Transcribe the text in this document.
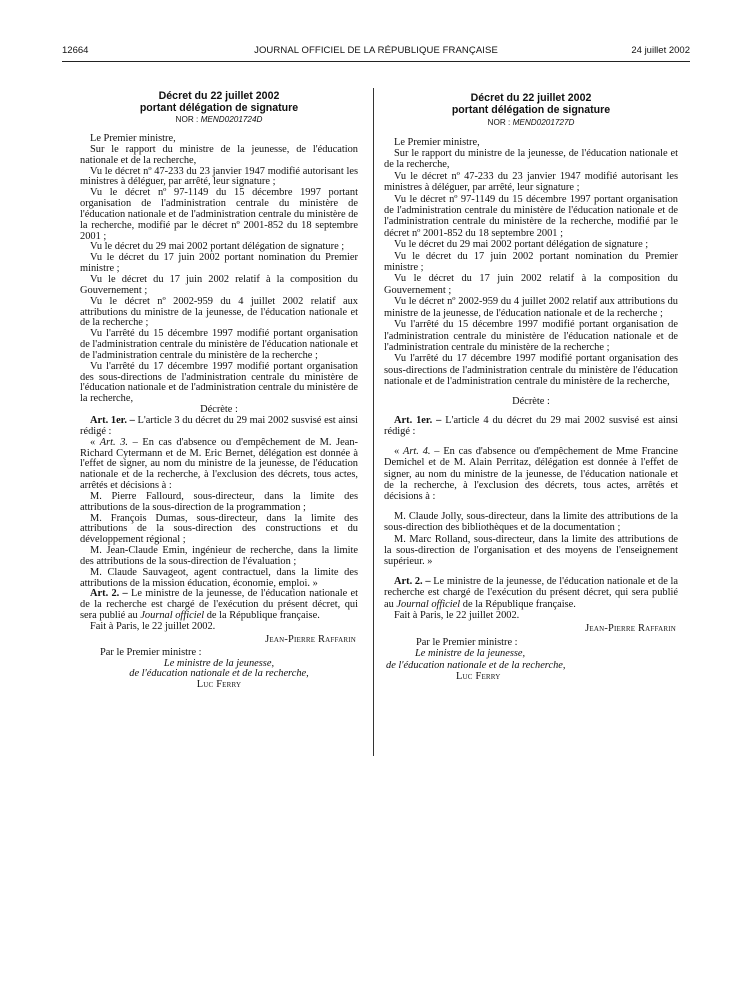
12664	JOURNAL OFFICIEL DE LA RÉPUBLIQUE FRANÇAISE	24 juillet 2002
Décret du 22 juillet 2002
portant délégation de signature
NOR : MEND0201724D

Le Premier ministre,

Sur le rapport du ministre de la jeunesse, de l'éducation nationale et de la recherche,

Vu le décret nº 47-233 du 23 janvier 1947 modifié autorisant les ministres à déléguer, par arrêté, leur signature ;

Vu le décret nº 97-1149 du 15 décembre 1997 portant organisation de l'administration centrale du ministère de l'éducation nationale et de l'administration centrale du ministère de la recherche, modifié par le décret nº 2001-852 du 18 septembre 2001 ;

Vu le décret du 29 mai 2002 portant délégation de signature ;

Vu le décret du 17 juin 2002 portant nomination du Premier ministre ;

Vu le décret du 17 juin 2002 relatif à la composition du Gouvernement ;

Vu le décret nº 2002-959 du 4 juillet 2002 relatif aux attributions du ministre de la jeunesse, de l'éducation nationale et de la recherche ;

Vu l'arrêté du 15 décembre 1997 modifié portant organisation de l'administration centrale du ministère de l'éducation nationale et de l'administration centrale du ministère de la recherche ;

Vu l'arrêté du 17 décembre 1997 modifié portant organisation des sous-directions de l'administration centrale du ministère de l'éducation nationale et de l'administration centrale du ministère de la recherche,

Décrète :

Art. 1er. – L'article 3 du décret du 29 mai 2002 susvisé est ainsi rédigé :

« Art. 3. – En cas d'absence ou d'empêchement de M. Jean-Richard Cytermann et de M. Eric Bernet, délégation est donnée à l'effet de signer, au nom du ministre de la jeunesse, de l'éducation nationale et de la recherche, à l'exclusion des décrets, tous actes, arrêtés et décisions à :

M. Pierre Fallourd, sous-directeur, dans la limite des attributions de la sous-direction de la programmation ;

M. François Dumas, sous-directeur, dans la limite des attributions de la sous-direction des constructions et du développement régional ;

M. Jean-Claude Emin, ingénieur de recherche, dans la limite des attributions de la sous-direction de l'évaluation ;

M. Claude Sauvageot, agent contractuel, dans la limite des attributions de la mission éducation, économie, emploi. »

Art. 2. – Le ministre de la jeunesse, de l'éducation nationale et de la recherche est chargé de l'exécution du présent décret, qui sera publié au Journal officiel de la République française.

Fait à Paris, le 22 juillet 2002.

Jean-Pierre Raffarin

Par le Premier ministre :

Le ministre de la jeunesse,

de l'éducation nationale et de la recherche,

Luc Ferry

Décret du 22 juillet 2002
portant délégation de signature
NOR : MEND0201727D

Le Premier ministre,

Sur le rapport du ministre de la jeunesse, de l'éducation nationale et de la recherche,

Vu le décret nº 47-233 du 23 janvier 1947 modifié autorisant les ministres à déléguer, par arrêté, leur signature ;

Vu le décret nº 97-1149 du 15 décembre 1997 portant organisation de l'administration centrale du ministère de l'éducation nationale et de l'administration centrale du ministère de la recherche, modifié par le décret nº 2001-852 du 18 septembre 2001 ;

Vu le décret du 29 mai 2002 portant délégation de signature ;

Vu le décret du 17 juin 2002 portant nomination du Premier ministre ;

Vu le décret du 17 juin 2002 relatif à la composition du Gouvernement ;

Vu le décret nº 2002-959 du 4 juillet 2002 relatif aux attributions du ministre de la jeunesse, de l'éducation nationale et de la recherche ;

Vu l'arrêté du 15 décembre 1997 modifié portant organisation de l'administration centrale du ministère de l'éducation nationale et de l'administration centrale du ministère de la recherche ;

Vu l'arrêté du 17 décembre 1997 modifié portant organisation des sous-directions de l'administration centrale du ministère de l'éducation nationale et de l'administration centrale du ministère de la recherche,

Décrète :

Art. 1er. – L'article 4 du décret du 29 mai 2002 susvisé est ainsi rédigé :

« Art. 4. – En cas d'absence ou d'empêchement de Mme Francine Demichel et de M. Alain Perritaz, délégation est donnée à l'effet de signer, au nom du ministre de la jeunesse, de l'éducation nationale et de la recherche, à l'exclusion des décrets, tous actes, arrêtés et décisions à :

M. Claude Jolly, sous-directeur, dans la limite des attributions de la sous-direction des bibliothèques et de la documentation ;

M. Marc Rolland, sous-directeur, dans la limite des attributions de la sous-direction de l'organisation et des moyens de l'enseignement supérieur. »

Art. 2. – Le ministre de la jeunesse, de l'éducation nationale et de la recherche est chargé de l'exécution du présent décret, qui sera publié au Journal officiel de la République française.

Fait à Paris, le 22 juillet 2002.

Jean-Pierre Raffarin

Par le Premier ministre :

Le ministre de la jeunesse,

de l'éducation nationale et de la recherche,

Luc Ferry
